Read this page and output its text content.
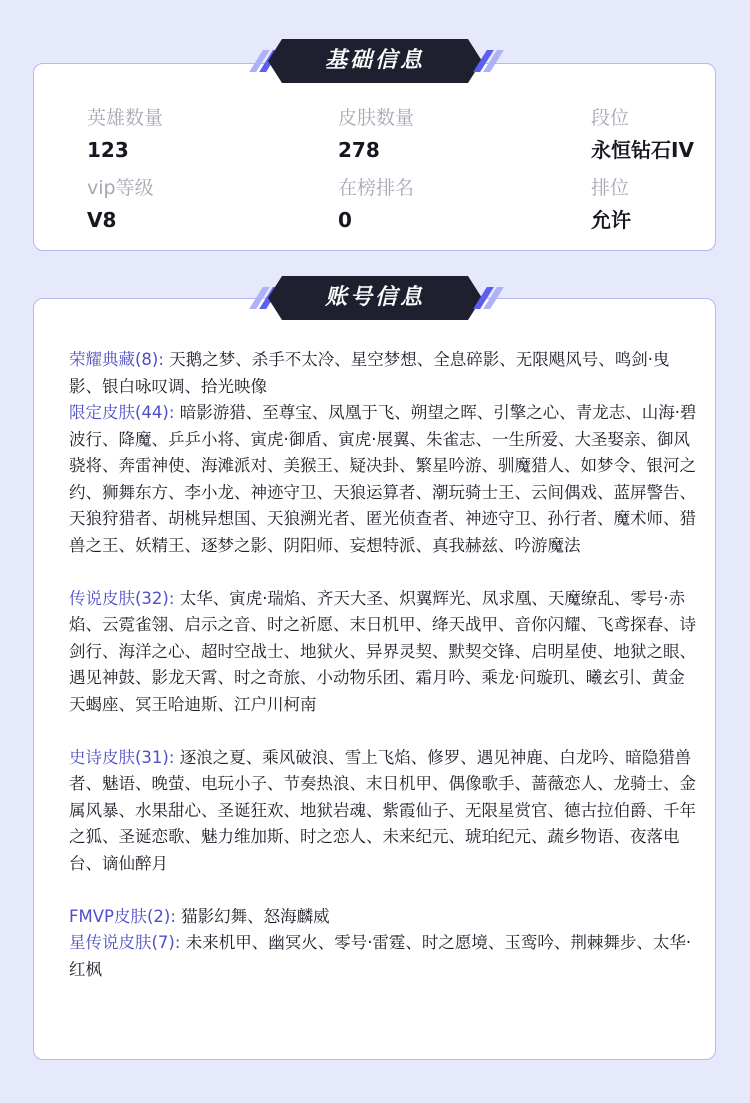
英雄数量
123
皮肤数量
278
段位
永恒钻石IV
vip等级
V8
在榜排名
0
排位
允许
基础信息
荣耀典藏(8): 天鹅之梦、杀手不太冷、星空梦想、全息碎影、无限飓风号、鸣剑·曳影、银白咏叹调、拾光映像
限定皮肤(44): 暗影游猎、至尊宝、凤凰于飞、朔望之晖、引擎之心、青龙志、山海·碧波行、降魔、乒乒小将、寅虎·御盾、寅虎·展翼、朱雀志、一生所爱、大圣娶亲、御风骁将、奔雷神使、海滩派对、美猴王、疑决卦、繁星吟游、驯魔猎人、如梦令、银河之约、狮舞东方、李小龙、神迹守卫、天狼运算者、潮玩骑士王、云间偶戏、蓝屏警告、天狼狩猎者、胡桃异想国、天狼溯光者、匿光侦查者、神迹守卫、孙行者、魔术师、猎兽之王、妖精王、逐梦之影、阴阳师、妄想特派、真我赫兹、吟游魔法
传说皮肤(32): 太华、寅虎·瑞焰、齐天大圣、炽翼辉光、凤求凰、天魔缭乱、零号·赤焰、云霓雀翎、启示之音、时之祈愿、末日机甲、绛天战甲、音你闪耀、飞鸢探春、诗剑行、海洋之心、超时空战士、地狱火、异界灵契、默契交锋、启明星使、地狱之眼、遇见神鼓、影龙天霄、时之奇旅、小动物乐团、霜月吟、乘龙·问璇玑、曦玄引、黄金天蝎座、冥王哈迪斯、江户川柯南
史诗皮肤(31): 逐浪之夏、乘风破浪、雪上飞焰、修罗、遇见神鹿、白龙吟、暗隐猎兽者、魅语、晚萤、电玩小子、节奏热浪、末日机甲、偶像歌手、蔷薇恋人、龙骑士、金属风暴、水果甜心、圣诞狂欢、地狱岩魂、紫霞仙子、无限星赏官、德古拉伯爵、千年之狐、圣诞恋歌、魅力维加斯、时之恋人、未来纪元、琥珀纪元、蔬乡物语、夜落电台、谪仙醉月
FMVP皮肤(2): 猫影幻舞、怒海麟威
星传说皮肤(7): 未来机甲、幽冥火、零号·雷霆、时之愿境、玉鸾吟、荆棘舞步、太华·红枫
账号信息
